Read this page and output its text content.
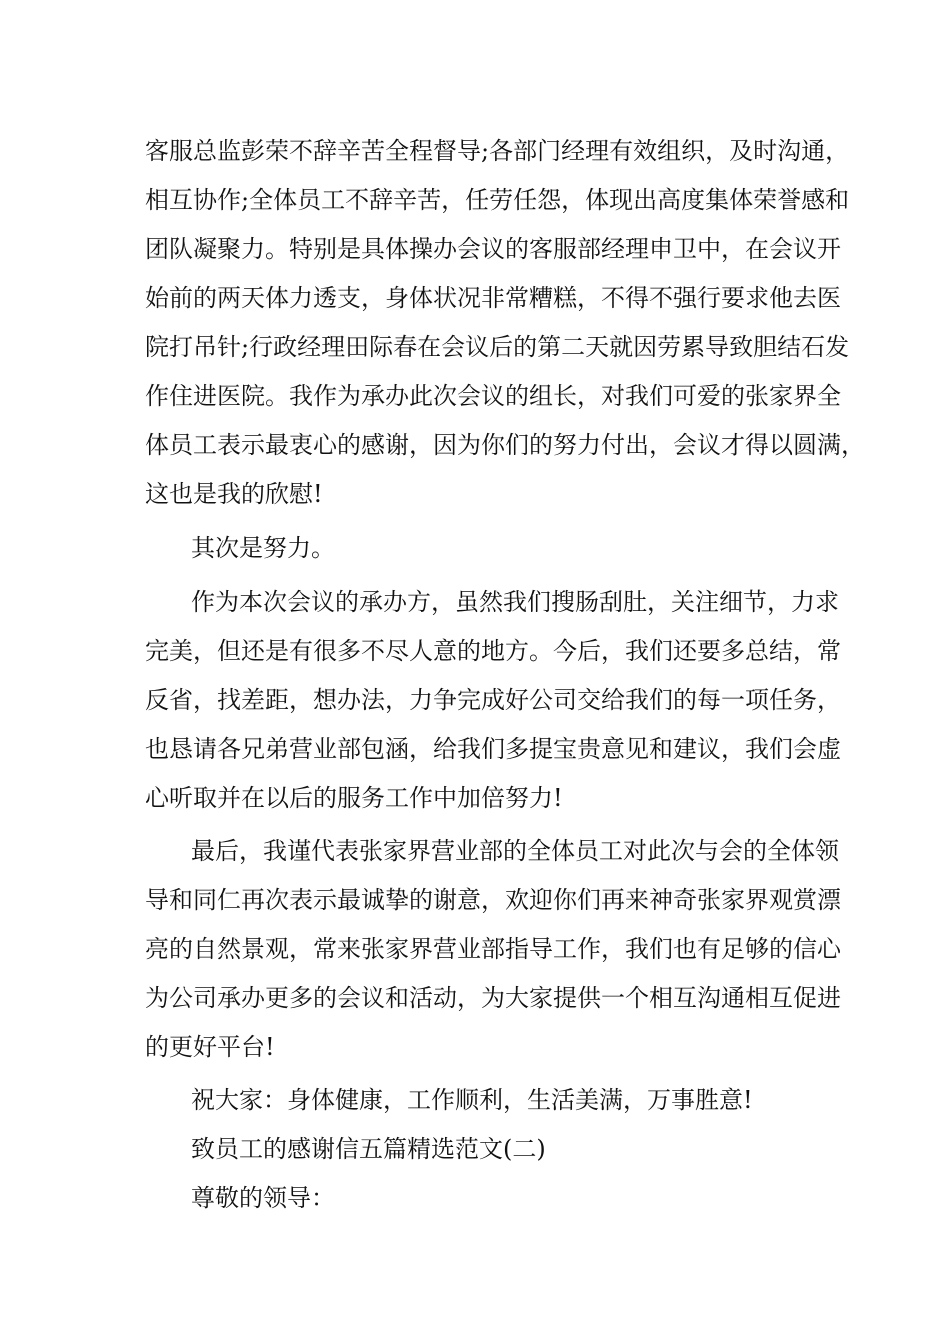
客服总监彭荣不辞辛苦全程督导;各部门经理有效组织，及时沟通，
相互协作;全体员工不辞辛苦，任劳任怨，体现出高度集体荣誉感和
团队凝聚力。特别是具体操办会议的客服部经理申卫中，在会议开
始前的两天体力透支，身体状况非常糟糕，不得不强行要求他去医
院打吊针;行政经理田际春在会议后的第二天就因劳累导致胆结石发
作住进医院。我作为承办此次会议的组长，对我们可爱的张家界全
体员工表示最衷心的感谢，因为你们的努力付出，会议才得以圆满，
这也是我的欣慰!
其次是努力。
作为本次会议的承办方，虽然我们搜肠刮肚，关注细节，力求
完美，但还是有很多不尽人意的地方。今后，我们还要多总结，常
反省，找差距，想办法，力争完成好公司交给我们的每一项任务，
也恳请各兄弟营业部包涵，给我们多提宝贵意见和建议，我们会虚
心听取并在以后的服务工作中加倍努力!
最后，我谨代表张家界营业部的全体员工对此次与会的全体领
导和同仁再次表示最诚挚的谢意，欢迎你们再来神奇张家界观赏漂
亮的自然景观，常来张家界营业部指导工作，我们也有足够的信心
为公司承办更多的会议和活动，为大家提供一个相互沟通相互促进
的更好平台!
祝大家：身体健康，工作顺利，生活美满，万事胜意!
致员工的感谢信五篇精选范文(二)
尊敬的领导：
